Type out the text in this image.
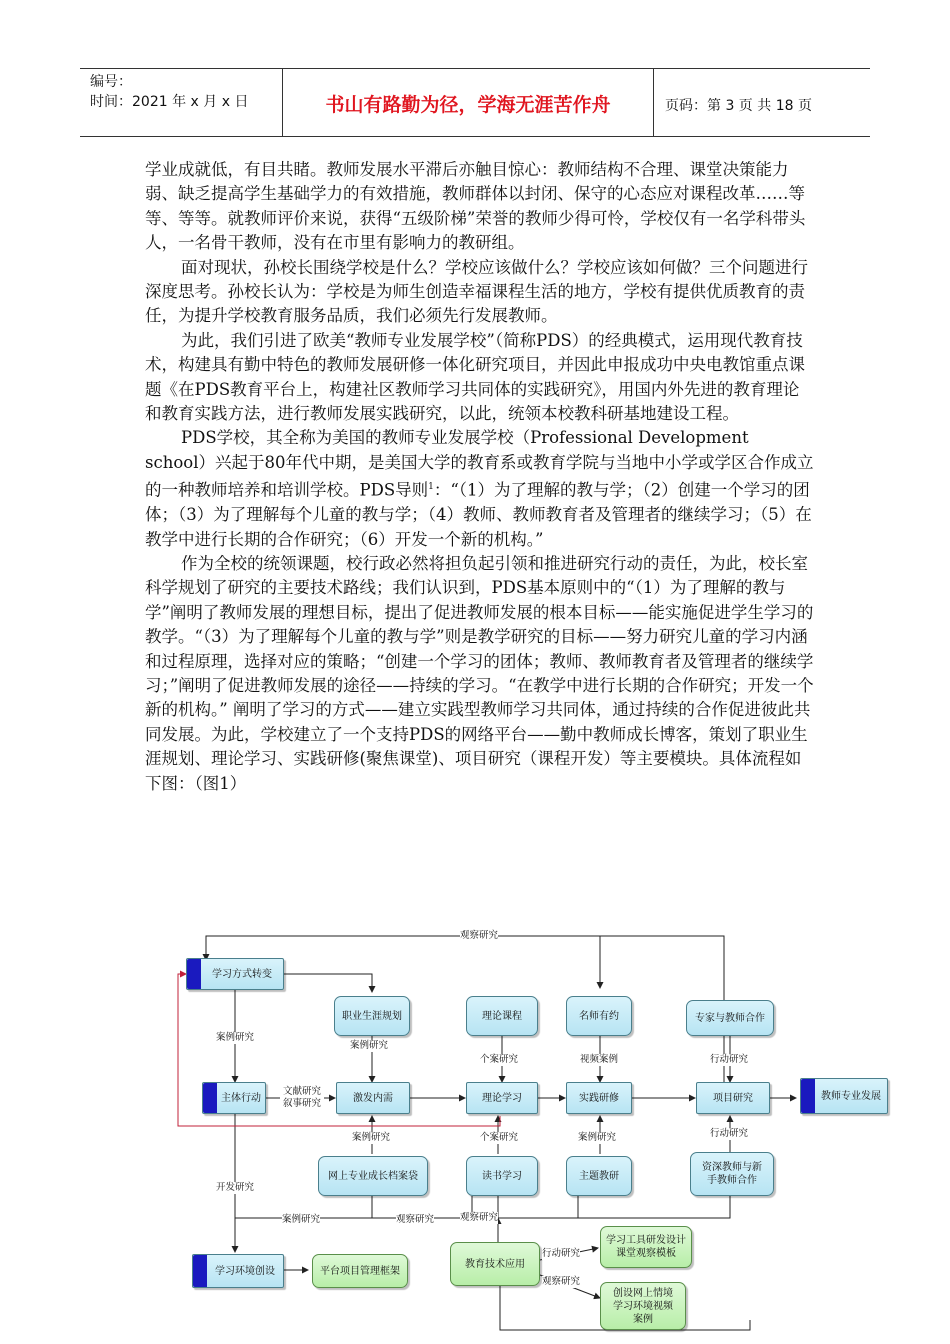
编号：
时间：2021 年 x 月 x 日	书山有路勤为径，学海无涯苦作舟	页码：第 3 页 共 18 页

学业成就低，有目共睹。教师发展水平滞后亦触目惊心：教师结构不合理、课堂决策能力弱、缺乏提高学生基础学力的有效措施，教师群体以封闭、保守的心态应对课程改革……等等、等等。就教师评价来说，获得“五级阶梯”荣誉的教师少得可怜，学校仅有一名学科带头人，一名骨干教师，没有在市里有影响力的教研组。

面对现状，孙校长围绕学校是什么？学校应该做什么？学校应该如何做？三个问题进行深度思考。孙校长认为：学校是为师生创造幸福课程生活的地方，学校有提供优质教育的责任，为提升学校教育服务品质，我们必须先行发展教师。

为此，我们引进了欧美“教师专业发展学校”（简称PDS）的经典模式，运用现代教育技术，构建具有勤中特色的教师发展研修一体化研究项目，并因此申报成功中央电教馆重点课题《在PDS教育平台上，构建社区教师学习共同体的实践研究》，用国内外先进的教育理论和教育实践方法，进行教师发展实践研究，以此，统领本校教科研基地建设工程。

PDS学校，其全称为美国的教师专业发展学校（Professional Development school）兴起于80年代中期，是美国大学的教育系或教育学院与当地中小学或学区合作成立的一种教师培养和培训学校。PDS导则$^1$：“（1）为了理解的教与学；（2）创建一个学习的团体；（3）为了理解每个儿童的教与学；（4）教师、教师教育者及管理者的继续学习；（5）在教学中进行长期的合作研究；（6）开发一个新的机构。”

作为全校的统领课题，校行政必然将担负起引领和推进研究行动的责任，为此，校长室科学规划了研究的主要技术路线；我们认识到，PDS基本原则中的“（1）为了理解的教与学”阐明了教师发展的理想目标，提出了促进教师发展的根本目标——能实施促进学生学习的教学。“（3）为了理解每个儿童的教与学”则是教学研究的目标——努力研究儿童的学习内涵和过程原理，选择对应的策略；“创建一个学习的团体；教师、教师教育者及管理者的继续学习；”阐明了促进教师发展的途径——持续的学习。“在教学中进行长期的合作研究；开发一个新的机构。” 阐明了学习的方式——建立实践型教师学习共同体，通过持续的合作促进彼此共同发展。为此，学校建立了一个支持PDS的网络平台——勤中教师成长博客，策划了职业生涯规划、理论学习、实践研修(聚焦课堂)、项目研究（课程开发）等主要模块。具体流程如下图：（图1）

学习方式转变
职业生涯规划	理论课程	名师有约	专家与教师合作
主体行动	激发内需	理论学习	实践研修	项目研究	教师专业发展
网上专业成长档案袋	读书学习	主题教研
资深教师与新手教师合作
学习环境创设	平台项目管理框架
教育技术应用
学习工具研发设计课堂观察模板
创设网上情境学习环境视频案例
观察研究
案例研究
案例研究
个案研究	视频案例	行动研究
文献研究叙事研究
案例研究	个案研究	案例研究	行动研究
开发研究
案例研究	观察研究	观察研究
行动研究
观察研究
